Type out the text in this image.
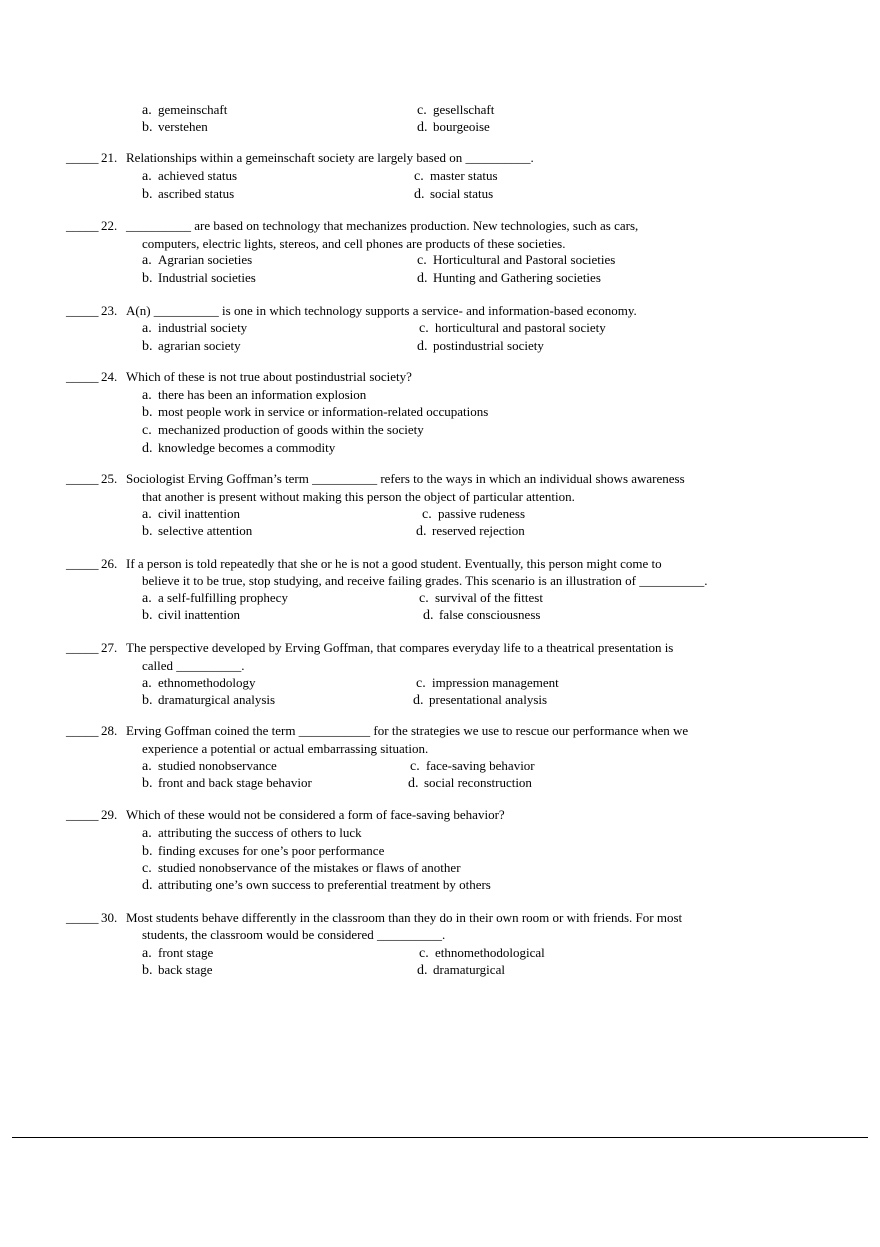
a. gemeinschaft	c. gesellschaft
b. verstehen	d. bourgeoise
_____ 21. Relationships within a gemeinschaft society are largely based on __________.
a. achieved status	c. master status
b. ascribed status	d. social status
_____ 22. __________ are based on technology that mechanizes production. New technologies, such as cars,
computers, electric lights, stereos, and cell phones are products of these societies.
a. Agrarian societies	c. Horticultural and Pastoral societies
b. Industrial societies	d. Hunting and Gathering societies
_____ 23. A(n) __________ is one in which technology supports a service- and information-based economy.
a. industrial society	c. horticultural and pastoral society
b. agrarian society	d. postindustrial society
_____ 24. Which of these is not true about postindustrial society?
a. there has been an information explosion
b. most people work in service or information-related occupations
c. mechanized production of goods within the society
d. knowledge becomes a commodity
_____ 25. Sociologist Erving Goffman’s term __________ refers to the ways in which an individual shows awareness
that another is present without making this person the object of particular attention.
a. civil inattention	c. passive rudeness
b. selective attention	d. reserved rejection
_____ 26. If a person is told repeatedly that she or he is not a good student. Eventually, this person might come to
believe it to be true, stop studying, and receive failing grades. This scenario is an illustration of __________.
a. a self-fulfilling prophecy	c. survival of the fittest
b. civil inattention	d. false consciousness
_____ 27. The perspective developed by Erving Goffman, that compares everyday life to a theatrical presentation is
called __________.
a. ethnomethodology	c. impression management
b. dramaturgical analysis	d. presentational analysis
_____ 28. Erving Goffman coined the term ___________ for the strategies we use to rescue our performance when we
experience a potential or actual embarrassing situation.
a. studied nonobservance	c. face-saving behavior
b. front and back stage behavior	d. social reconstruction
_____ 29. Which of these would not be considered a form of face-saving behavior?
a. attributing the success of others to luck
b. finding excuses for one’s poor performance
c. studied nonobservance of the mistakes or flaws of another
d. attributing one’s own success to preferential treatment by others
_____ 30. Most students behave differently in the classroom than they do in their own room or with friends. For most
students, the classroom would be considered __________.
a. front stage	c. ethnomethodological
b. back stage	d. dramaturgical
